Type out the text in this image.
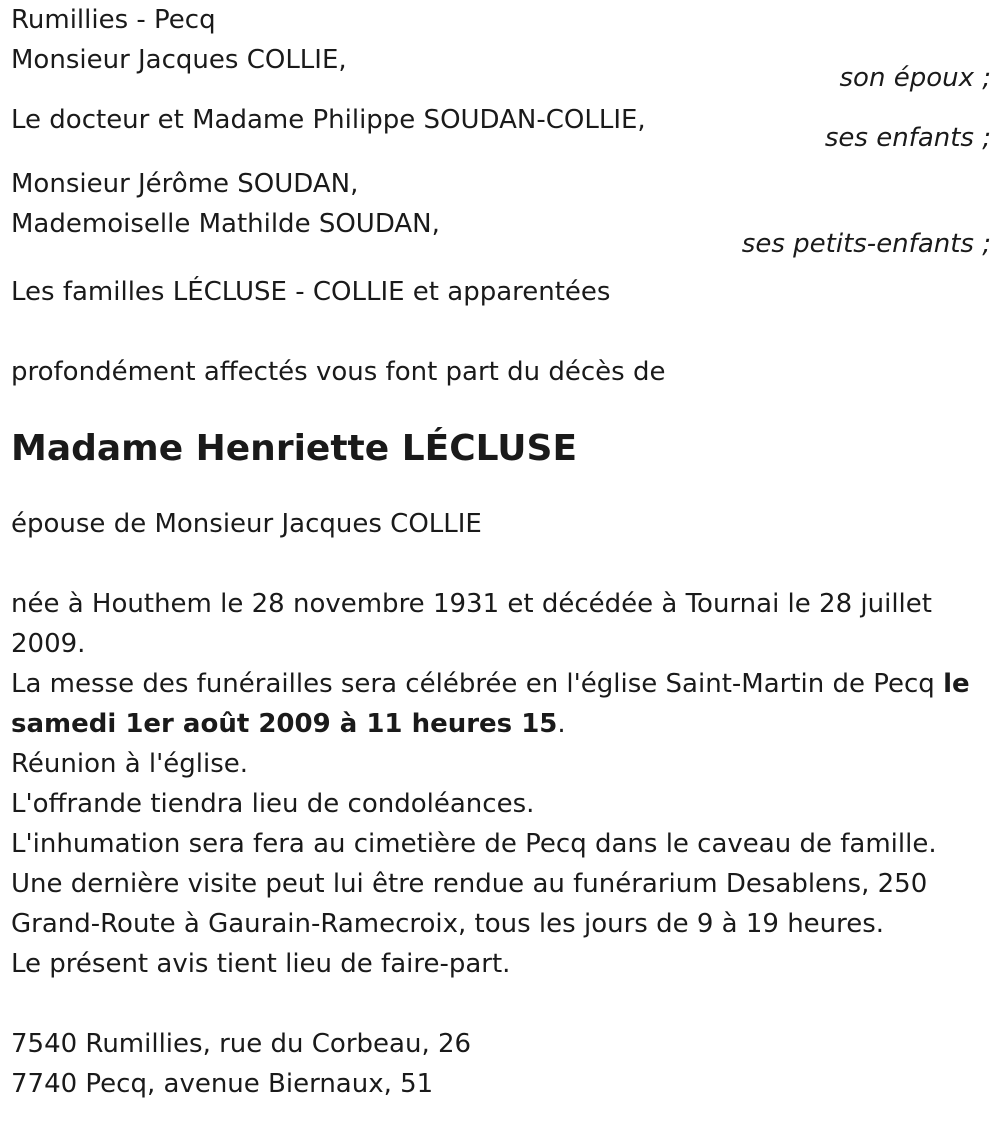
Rumillies - Pecq
Monsieur Jacques COLLIE,
son époux ;
Le docteur et Madame Philippe SOUDAN-COLLIE,
ses enfants ;
Monsieur Jérôme SOUDAN,
Mademoiselle Mathilde SOUDAN,
ses petits-enfants ;
Les familles LÉCLUSE - COLLIE et apparentées
profondément affectés vous font part du décès de
Madame Henriette LÉCLUSE
épouse de Monsieur Jacques COLLIE
née à Houthem le 28 novembre 1931 et décédée à Tournai le 28 juillet 2009.
La messe des funérailles sera célébrée en l'église Saint-Martin de Pecq le samedi 1er août 2009 à 11 heures 15.
Réunion à l'église.
L'offrande tiendra lieu de condoléances.
L'inhumation sera fera au cimetière de Pecq dans le caveau de famille.
Une dernière visite peut lui être rendue au funérarium Desablens, 250 Grand-Route à Gaurain-Ramecroix, tous les jours de 9 à 19 heures.
Le présent avis tient lieu de faire-part.
7540 Rumillies, rue du Corbeau, 26
7740 Pecq, avenue Biernaux, 51
